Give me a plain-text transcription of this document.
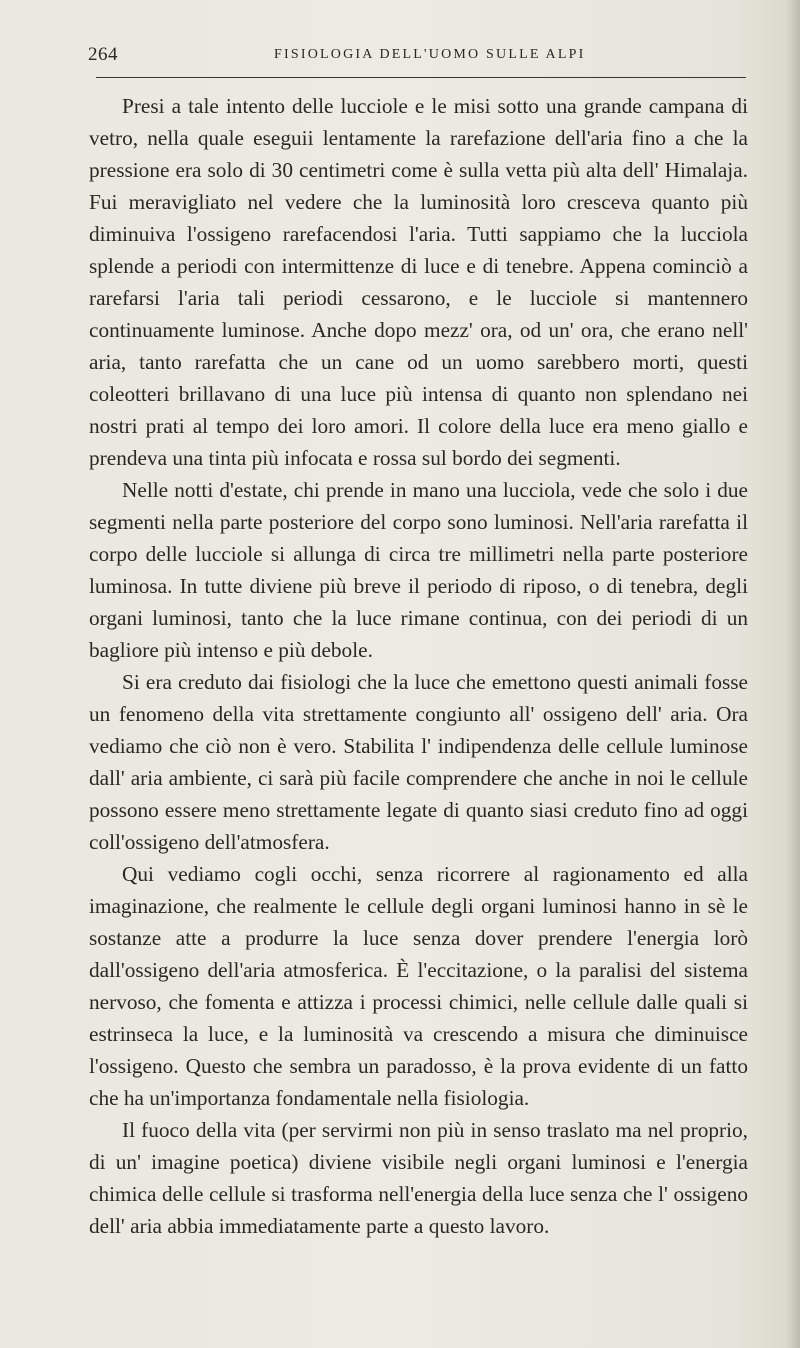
264	FISIOLOGIA DELL'UOMO SULLE ALPI

Presi a tale intento delle lucciole e le misi sotto una grande campana di vetro, nella quale eseguii lentamente la rarefazione dell'aria fino a che la pressione era solo di 30 centimetri come è sulla vetta più alta dell' Himalaja. Fui meravigliato nel vedere che la luminosità loro cresceva quanto più diminuiva l'ossigeno rarefacendosi l'aria. Tutti sappiamo che la lucciola splende a periodi con intermittenze di luce e di tenebre. Appena cominciò a rarefarsi l'aria tali periodi cessarono, e le lucciole si mantennero continuamente luminose. Anche dopo mezz' ora, od un' ora, che erano nell' aria, tanto rarefatta che un cane od un uomo sarebbero morti, questi coleotteri brillavano di una luce più intensa di quanto non splendano nei nostri prati al tempo dei loro amori. Il colore della luce era meno giallo e prendeva una tinta più infocata e rossa sul bordo dei segmenti.

Nelle notti d'estate, chi prende in mano una lucciola, vede che solo i due segmenti nella parte posteriore del corpo sono luminosi. Nell'aria rarefatta il corpo delle lucciole si allunga di circa tre millimetri nella parte posteriore luminosa. In tutte diviene più breve il periodo di riposo, o di tenebra, degli organi luminosi, tanto che la luce rimane continua, con dei periodi di un bagliore più intenso e più debole.

Si era creduto dai fisiologi che la luce che emettono questi animali fosse un fenomeno della vita strettamente congiunto all' ossigeno dell' aria. Ora vediamo che ciò non è vero. Stabilita l' indipendenza delle cellule luminose dall' aria ambiente, ci sarà più facile comprendere che anche in noi le cellule possono essere meno strettamente legate di quanto siasi creduto fino ad oggi coll'ossigeno dell'atmosfera.

Qui vediamo cogli occhi, senza ricorrere al ragionamento ed alla imaginazione, che realmente le cellule degli organi luminosi hanno in sè le sostanze atte a produrre la luce senza dover prendere l'energia lorò dall'ossigeno dell'aria atmosferica. È l'eccitazione, o la paralisi del sistema nervoso, che fomenta e attizza i processi chimici, nelle cellule dalle quali si estrinseca la luce, e la luminosità va crescendo a misura che diminuisce l'ossigeno. Questo che sembra un paradosso, è la prova evidente di un fatto che ha un'importanza fondamentale nella fisiologia.

Il fuoco della vita (per servirmi non più in senso traslato ma nel proprio, di un' imagine poetica) diviene visibile negli organi luminosi e l'energia chimica delle cellule si trasforma nell'energia della luce senza che l' ossigeno dell' aria abbia immediatamente parte a questo lavoro.
